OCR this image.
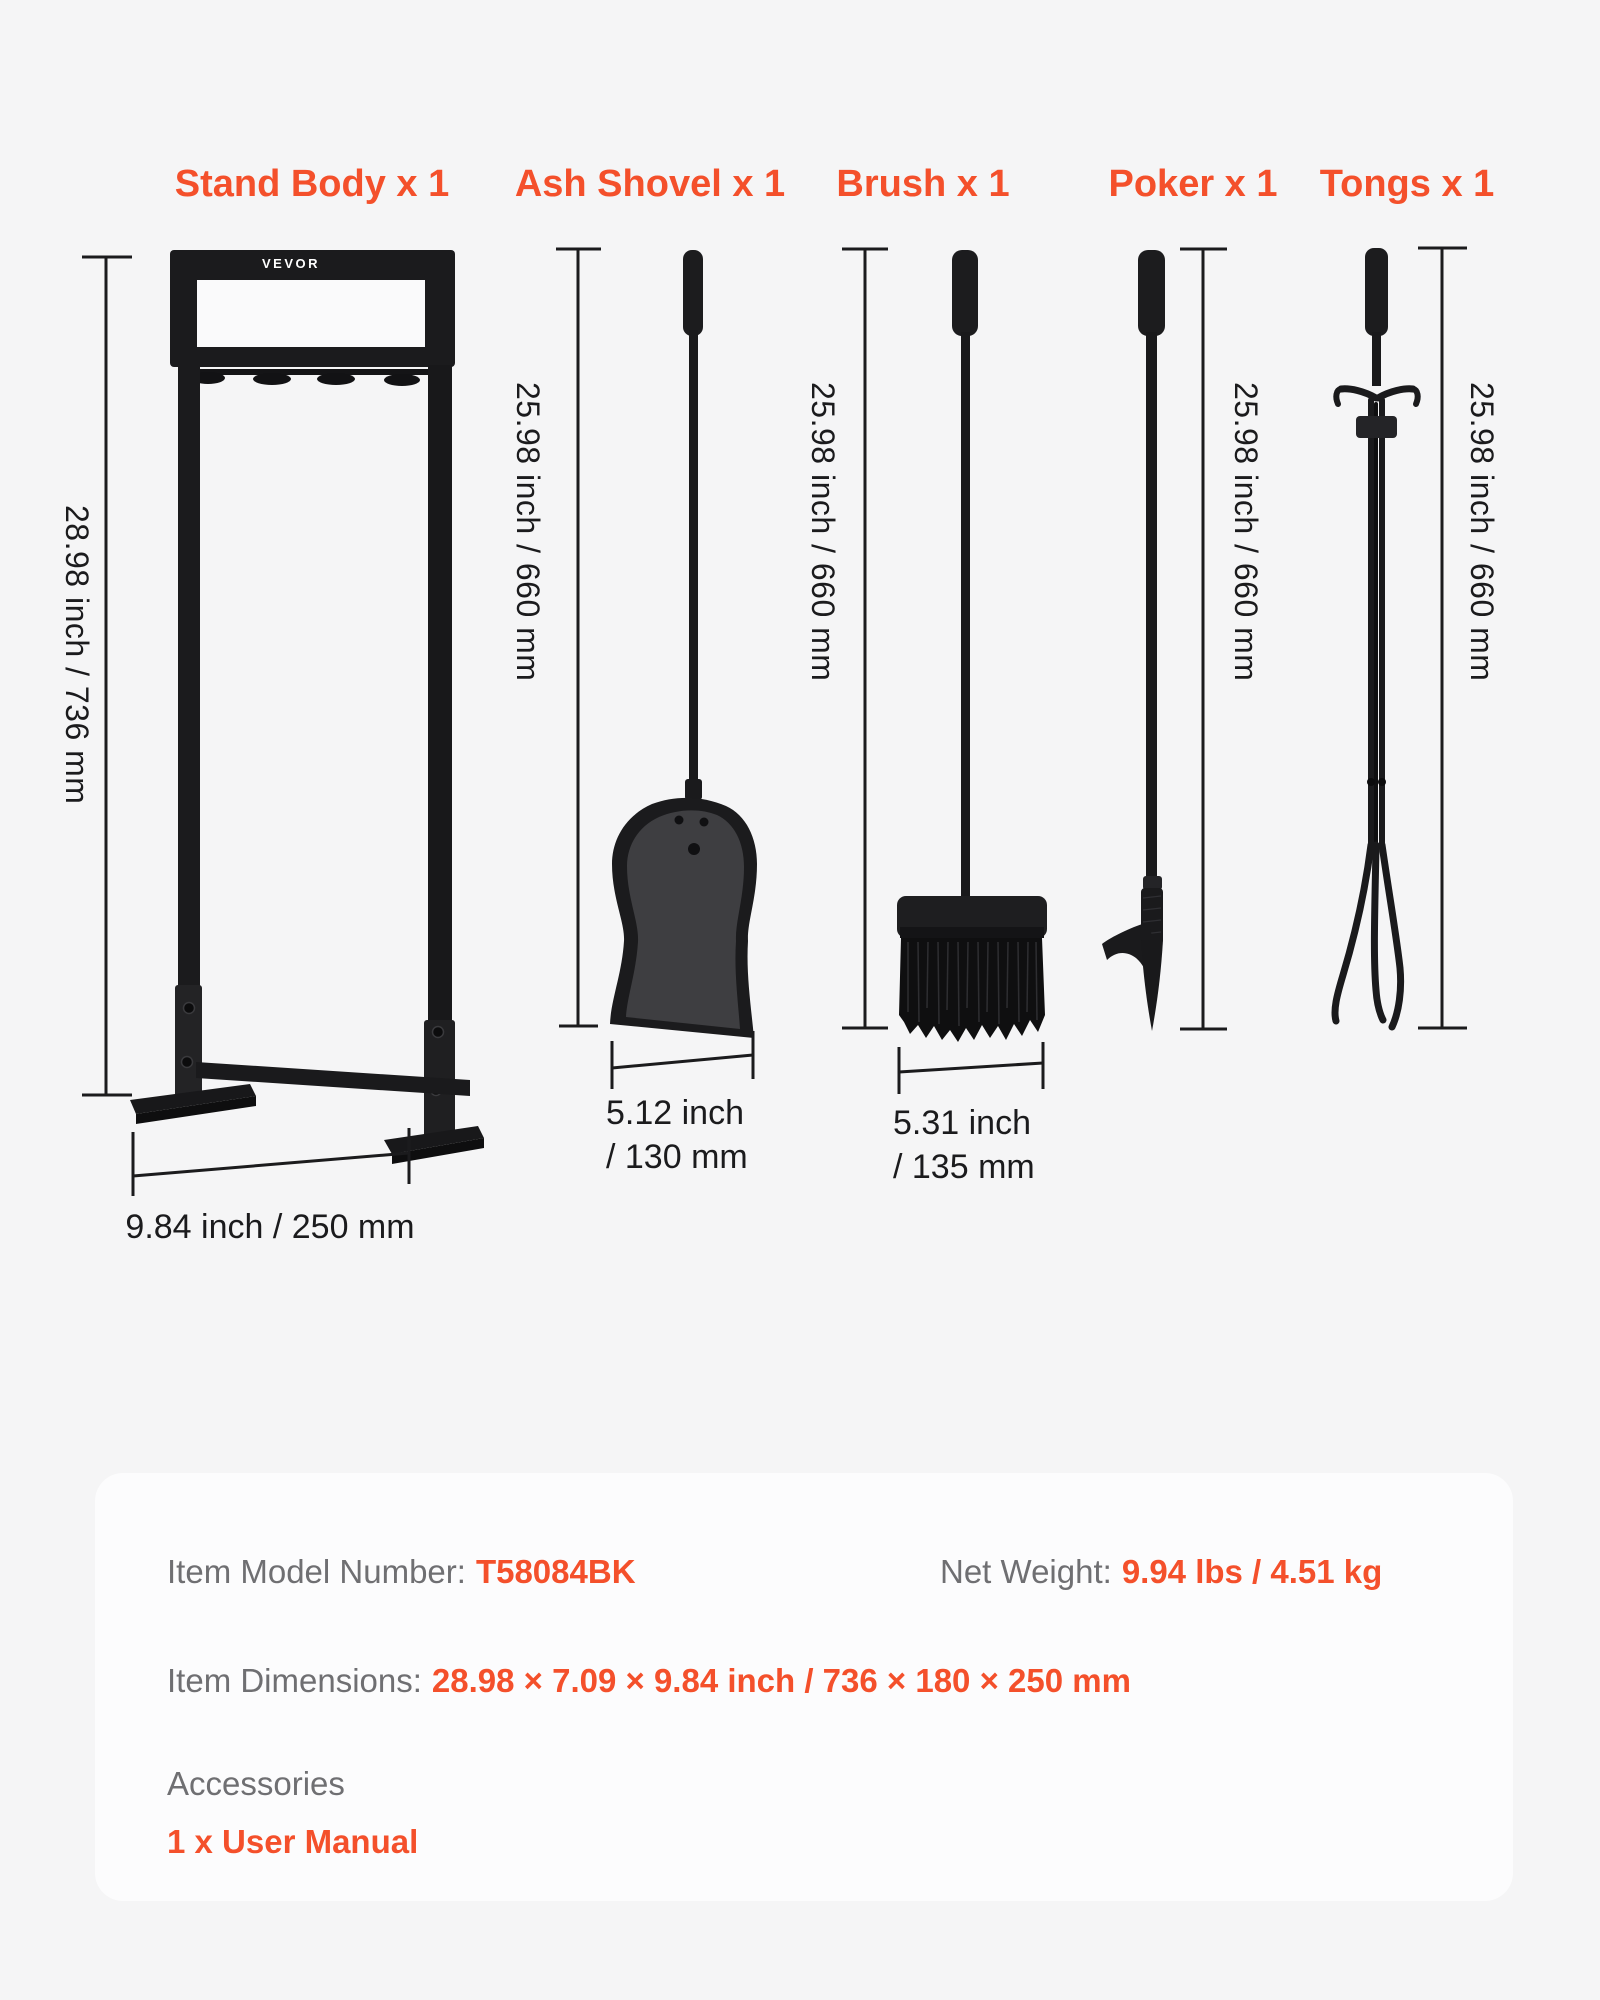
Stand Body x 1 Ash Shovel x 1 Brush x 1	Poker x 1 Tongs x 1
VEVOR
28.98 inch / 736 mm	25.98 inch / 660 mm	25.98 inch / 660 mm	25.98 inch / 660 mm	25.98 inch / 660 mm
9.84 inch / 250 mm
5.12 inch
/ 130 mm
5.31 inch
/ 135 mm
Item Model Number: T58084BK	Net Weight: 9.94 lbs / 4.51 kg
Item Dimensions: 28.98 × 7.09 × 9.84 inch / 736 × 180 × 250 mm
Accessories
1 x User Manual
